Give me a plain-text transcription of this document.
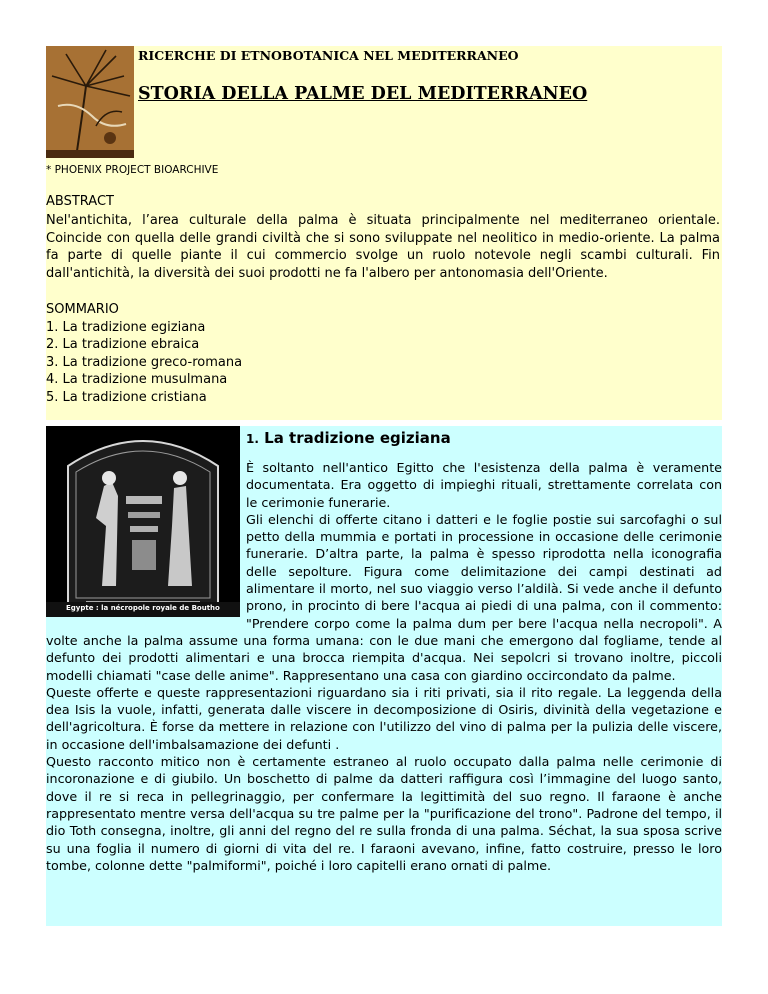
RICERCHE DI ETNOBOTANICA NEL MEDITERRANEO
STORIA DELLA PALME DEL MEDITERRANEO
* PHOENIX PROJECT BIOARCHIVE
ABSTRACT
Nel'antichita, l’area culturale della palma è situata principalmente nel mediterraneo orientale. Coincide con quella delle grandi civiltà che si sono sviluppate nel neolitico in medio-oriente. La palma fa parte di quelle piante il cui commercio svolge un ruolo notevole negli scambi culturali. Fin dall'antichità, la diversità dei suoi prodotti ne fa l'albero per antonomasia dell'Oriente.
SOMMARIO
1. La tradizione egiziana
2. La tradizione ebraica
3. La tradizione greco-romana
4. La tradizione musulmana
5. La tradizione cristiana
Egypte : la nécropole royale de Boutho
1. La tradizione egiziana

È soltanto nell'antico Egitto che l'esistenza della palma è veramente documentata. Era oggetto di impieghi rituali, strettamente correlata con le cerimonie funerarie.

Gli elenchi di offerte citano i datteri e le foglie postie sui sarcofaghi o sul petto della mummia e portati in processione in occasione delle cerimonie funerarie. D’altra parte, la palma è spesso riprodotta nella iconografia delle sepolture. Figura come delimitazione dei campi destinati ad alimentare il morto, nel suo viaggio verso l’aldilà. Si vede anche il defunto prono, in procinto di bere l'acqua ai piedi di una palma, con il commento: "Prendere corpo come la palma dum per bere l'acqua nella necropoli". A volte anche la palma assume una forma umana: con le due mani che emergono dal fogliame, tende al defunto dei prodotti alimentari e una brocca riempita d'acqua. Nei sepolcri si trovano inoltre, piccoli modelli chiamati "case delle anime". Rappresentano una casa con giardino occircondato da palme.

Queste offerte e queste rappresentazioni riguardano sia i riti privati, sia il rito regale. La leggenda della dea Isis la vuole, infatti, generata dalle viscere in decomposizione di Osiris, divinità della vegetazione e dell'agricoltura. È forse da mettere in relazione con l'utilizzo del vino di palma per la pulizia delle viscere, in occasione dell'imbalsamazione dei defunti .

Questo racconto mitico non è certamente estraneo al ruolo occupato dalla palma nelle cerimonie di incoronazione e di giubilo. Un boschetto di palme da datteri raffigura così l’immagine del luogo santo, dove il re si reca in pellegrinaggio, per confermare la legittimità del suo regno. Il faraone è anche rappresentato mentre versa dell'acqua su tre palme per la "purificazione del trono". Padrone del tempo, il dio Toth consegna, inoltre, gli anni del regno del re sulla fronda di una palma. Séchat, la sua sposa scrive su una foglia il numero di giorni di vita del re. I faraoni avevano, infine, fatto costruire, presso le loro tombe, colonne dette "palmiformi", poiché i loro capitelli erano ornati di palme.
